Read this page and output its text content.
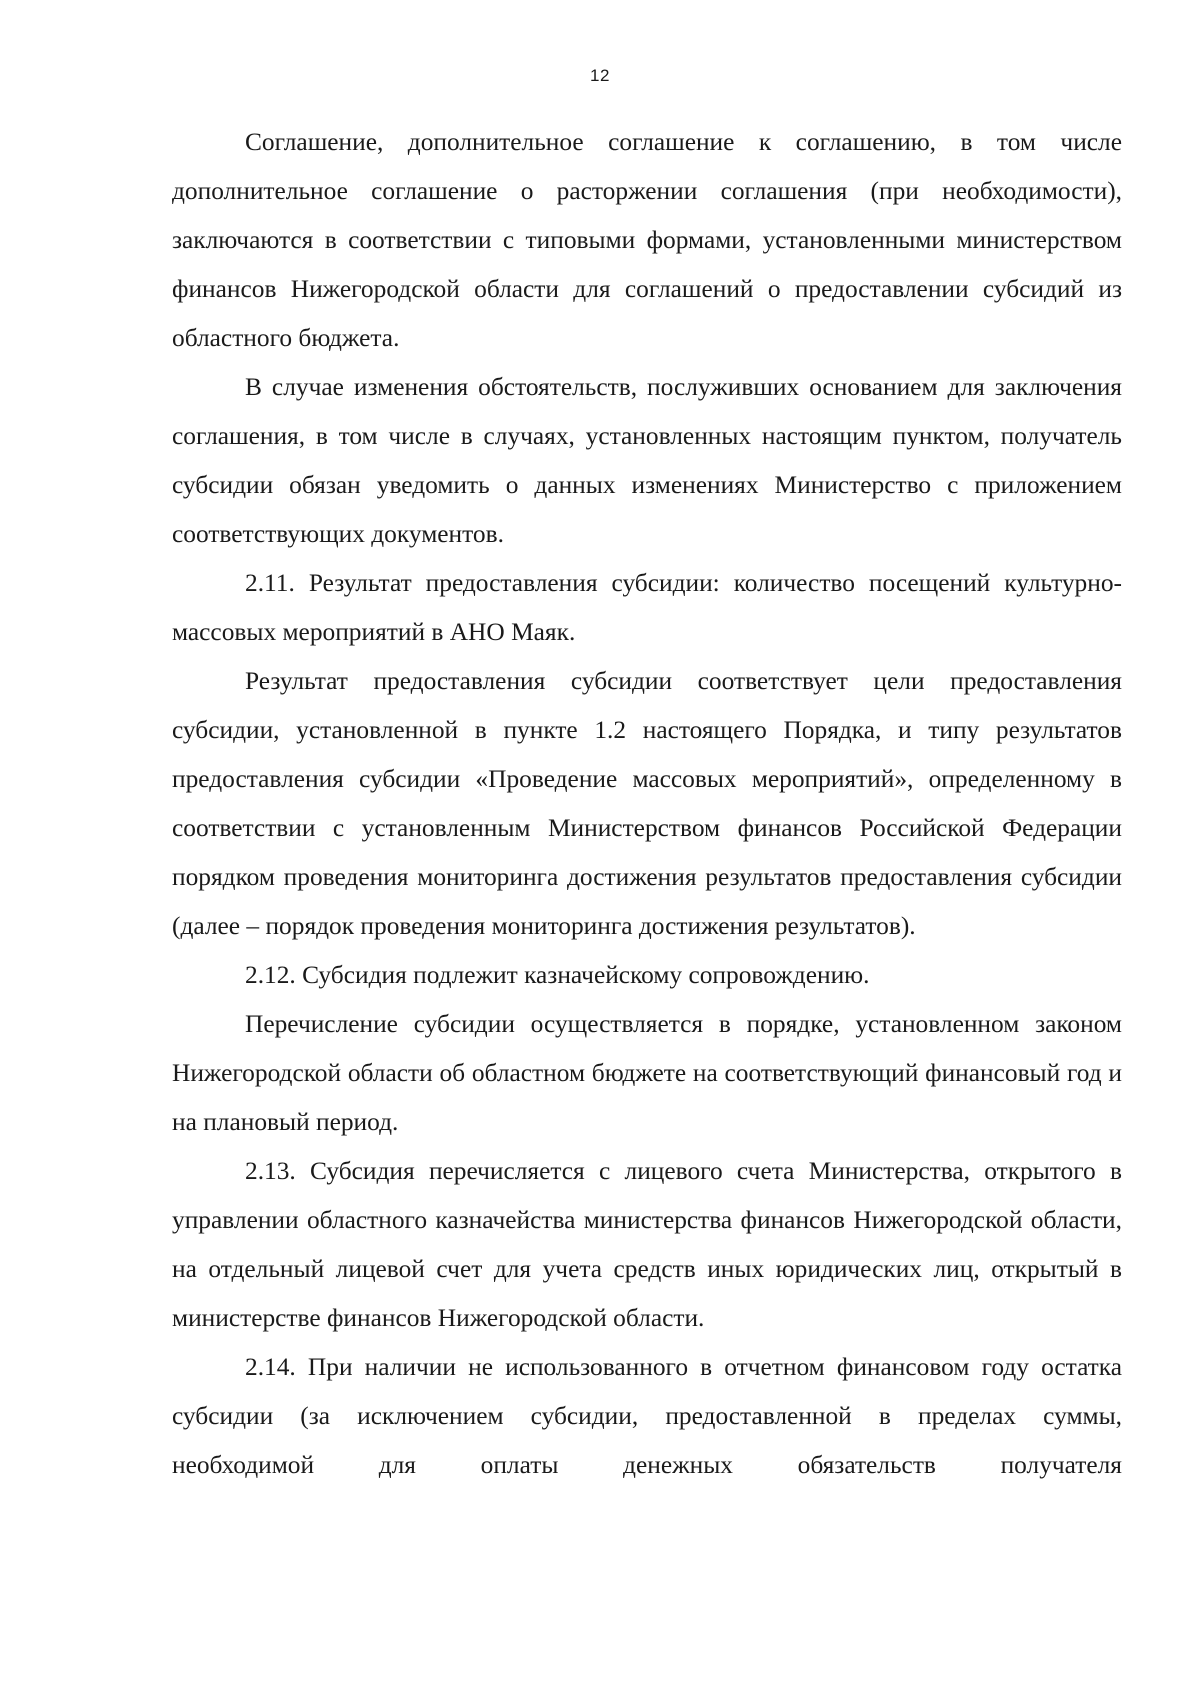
12

Соглашение, дополнительное соглашение к соглашению, в том числе дополнительное соглашение о расторжении соглашения (при необходимости), заключаются в соответствии с типовыми формами, установленными министерством финансов Нижегородской области для соглашений о предоставлении субсидий из областного бюджета.

В случае изменения обстоятельств, послуживших основанием для заключения соглашения, в том числе в случаях, установленных настоящим пунктом, получатель субсидии обязан уведомить о данных изменениях Министерство с приложением соответствующих документов.

2.11. Результат предоставления субсидии: количество посещений культурно-массовых мероприятий в АНО Маяк.

Результат предоставления субсидии соответствует цели предоставления субсидии, установленной в пункте 1.2 настоящего Порядка, и типу результатов предоставления субсидии «Проведение массовых мероприятий», определенному в соответствии с установленным Министерством финансов Российской Федерации порядком проведения мониторинга достижения результатов предоставления субсидии (далее – порядок проведения мониторинга достижения результатов).

2.12. Субсидия подлежит казначейскому сопровождению.

Перечисление субсидии осуществляется в порядке, установленном законом Нижегородской области об областном бюджете на соответствующий финансовый год и на плановый период.

2.13. Субсидия перечисляется с лицевого счета Министерства, открытого в управлении областного казначейства министерства финансов Нижегородской области, на отдельный лицевой счет для учета средств иных юридических лиц, открытый в министерстве финансов Нижегородской области.

2.14. При наличии не использованного в отчетном финансовом году остатка субсидии (за исключением субсидии, предоставленной в пределах суммы, необходимой для оплаты денежных обязательств получателя
